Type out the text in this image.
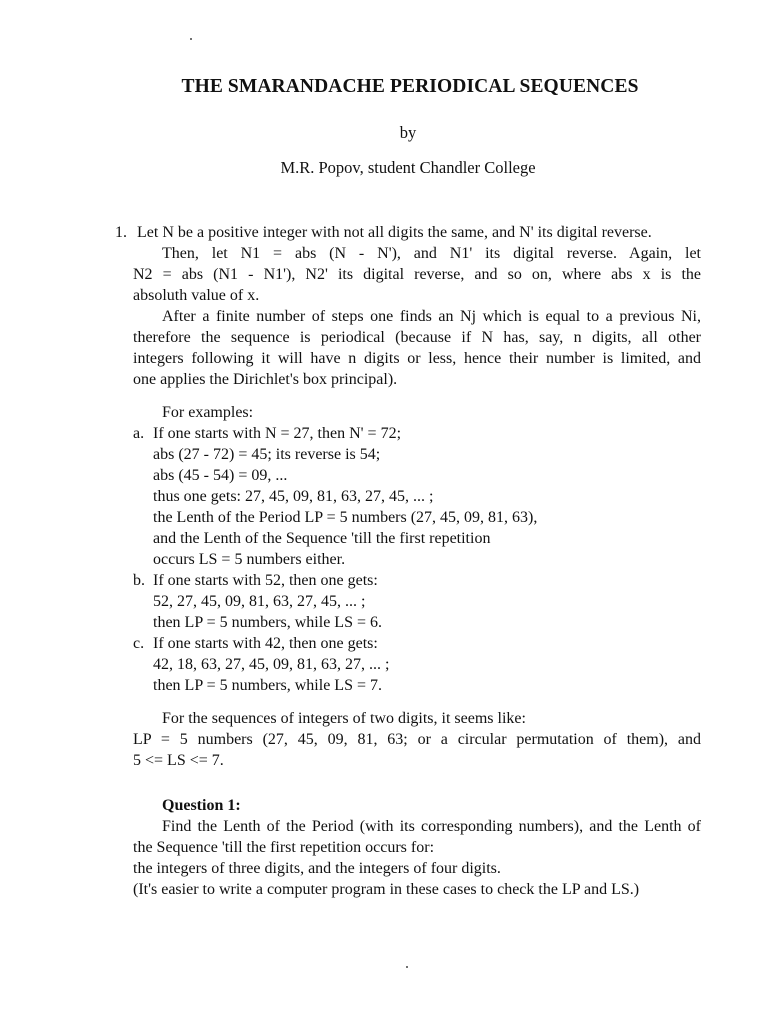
THE SMARANDACHE PERIODICAL SEQUENCES
by
M.R. Popov, student Chandler College
1. Let N be a positive integer with not all digits the same, and N' its digital reverse.
Then, let N1 = abs (N - N'), and N1' its digital reverse. Again, let
N2 = abs (N1 - N1'), N2' its digital reverse, and so on, where abs x is the
absoluth value of x.
After a finite number of steps one finds an Nj which is equal to a previous Ni,
therefore the sequence is periodical (because if N has, say, n digits, all other
integers following it will have n digits or less, hence their number is limited, and
one applies the Dirichlet's box principal).
For examples:
a. If one starts with N = 27, then N' = 72;
abs (27 - 72) = 45; its reverse is 54;
abs (45 - 54) = 09, ...
thus one gets: 27, 45, 09, 81, 63, 27, 45, ... ;
the Lenth of the Period LP = 5 numbers (27, 45, 09, 81, 63),
and the Lenth of the Sequence 'till the first repetition
occurs LS = 5 numbers either.
b. If one starts with 52, then one gets:
52, 27, 45, 09, 81, 63, 27, 45, ... ;
then LP = 5 numbers, while LS = 6.
c. If one starts with 42, then one gets:
42, 18, 63, 27, 45, 09, 81, 63, 27, ... ;
then LP = 5 numbers, while LS = 7.
For the sequences of integers of two digits, it seems like:
LP = 5 numbers (27, 45, 09, 81, 63; or a circular permutation of them), and
5 <= LS <= 7.
Question 1:
Find the Lenth of the Period (with its corresponding numbers), and the Lenth of
the Sequence 'till the first repetition occurs for:
the integers of three digits, and the integers of four digits.
(It's easier to write a computer program in these cases to check the LP and LS.)
